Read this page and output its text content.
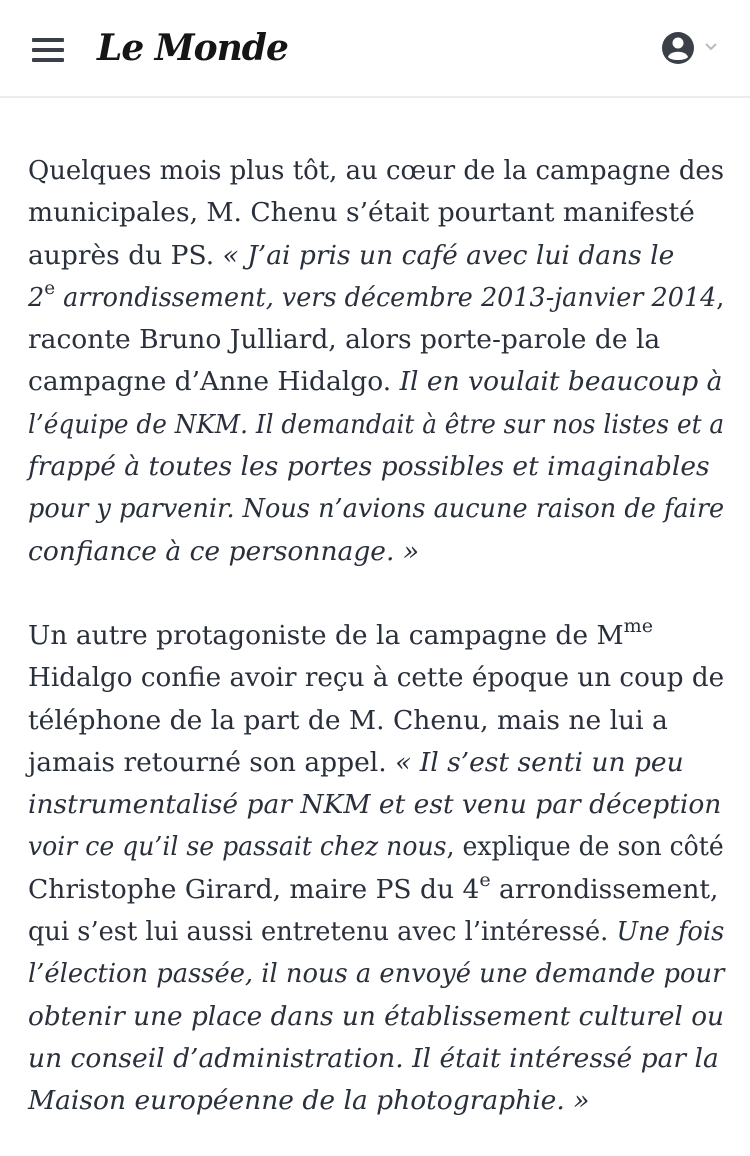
Le Monde

Quelques mois plus tôt, au cœur de la campagne des
municipales, M. Chenu s’était pourtant manifesté
auprès du PS. « J’ai pris un café avec lui dans le
2e arrondissement, vers décembre 2013-janvier 2014,
raconte Bruno Julliard, alors porte-parole de la
campagne d’Anne Hidalgo. Il en voulait beaucoup à
l’équipe de NKM. Il demandait à être sur nos listes et a
frappé à toutes les portes possibles et imaginables
pour y parvenir. Nous n’avions aucune raison de faire
confiance à ce personnage. »

Un autre protagoniste de la campagne de $M^{me}$
Hidalgo confie avoir reçu à cette époque un coup de
téléphone de la part de M. Chenu, mais ne lui a
jamais retourné son appel. « Il s’est senti un peu
instrumentalisé par NKM et est venu par déception
voir ce qu’il se passait chez nous, explique de son côté
Christophe Girard, maire PS du 4e arrondissement,
qui s’est lui aussi entretenu avec l’intéressé. Une fois
l’élection passée, il nous a envoyé une demande pour
obtenir une place dans un établissement culturel ou
un conseil d’administration. Il était intéressé par la
Maison européenne de la photographie. »
